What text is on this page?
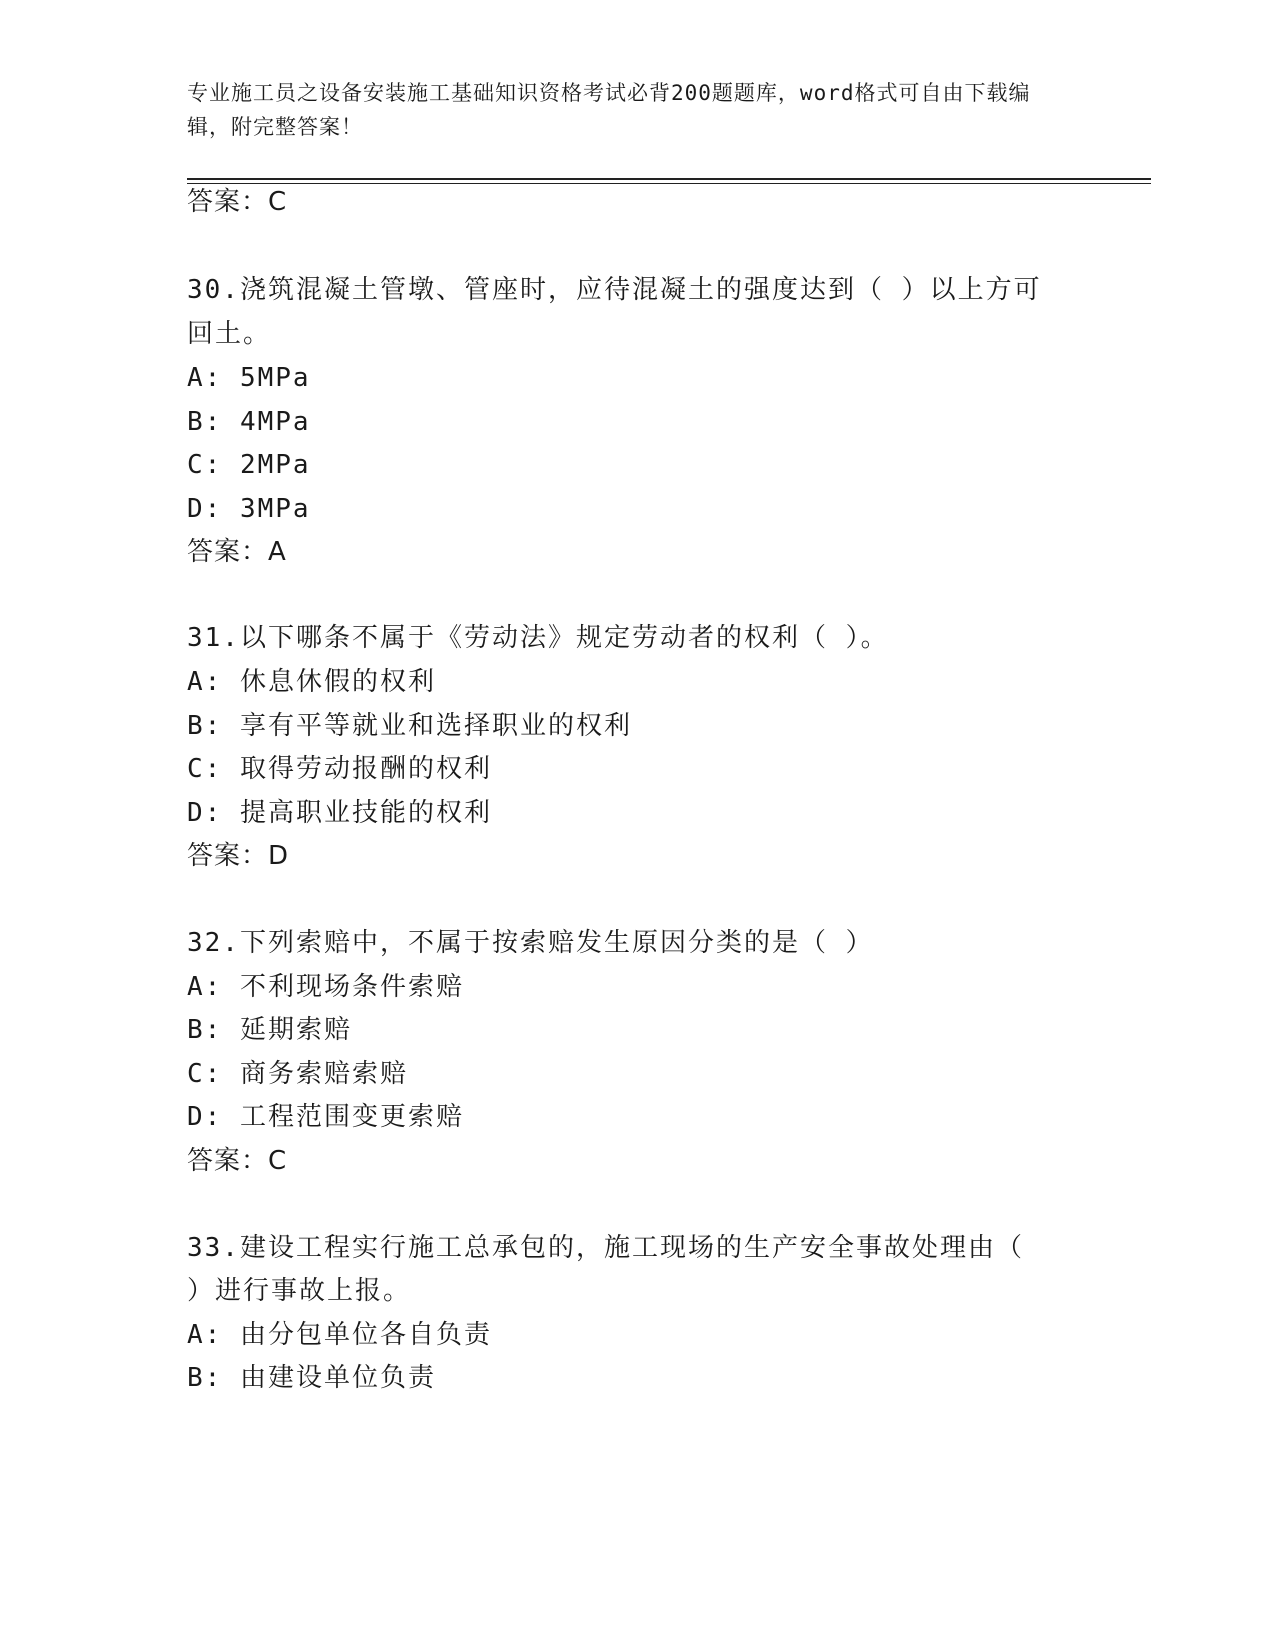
专业施工员之设备安装施工基础知识资格考试必背200题题库，word格式可自由下载编辑，附完整答案！
答案：C
30.浇筑混凝土管墩、管座时，应待混凝土的强度达到（ ）以上方可
回土。
A: 5MPa
B: 4MPa
C: 2MPa
D: 3MPa
答案：A
31.以下哪条不属于《劳动法》规定劳动者的权利（ ）。
A: 休息休假的权利
B: 享有平等就业和选择职业的权利
C: 取得劳动报酬的权利
D: 提高职业技能的权利
答案：D
32.下列索赔中，不属于按索赔发生原因分类的是（ ）
A: 不利现场条件索赔
B: 延期索赔
C: 商务索赔索赔
D: 工程范围变更索赔
答案：C
33.建设工程实行施工总承包的，施工现场的生产安全事故处理由（
）进行事故上报。
A: 由分包单位各自负责
B: 由建设单位负责
